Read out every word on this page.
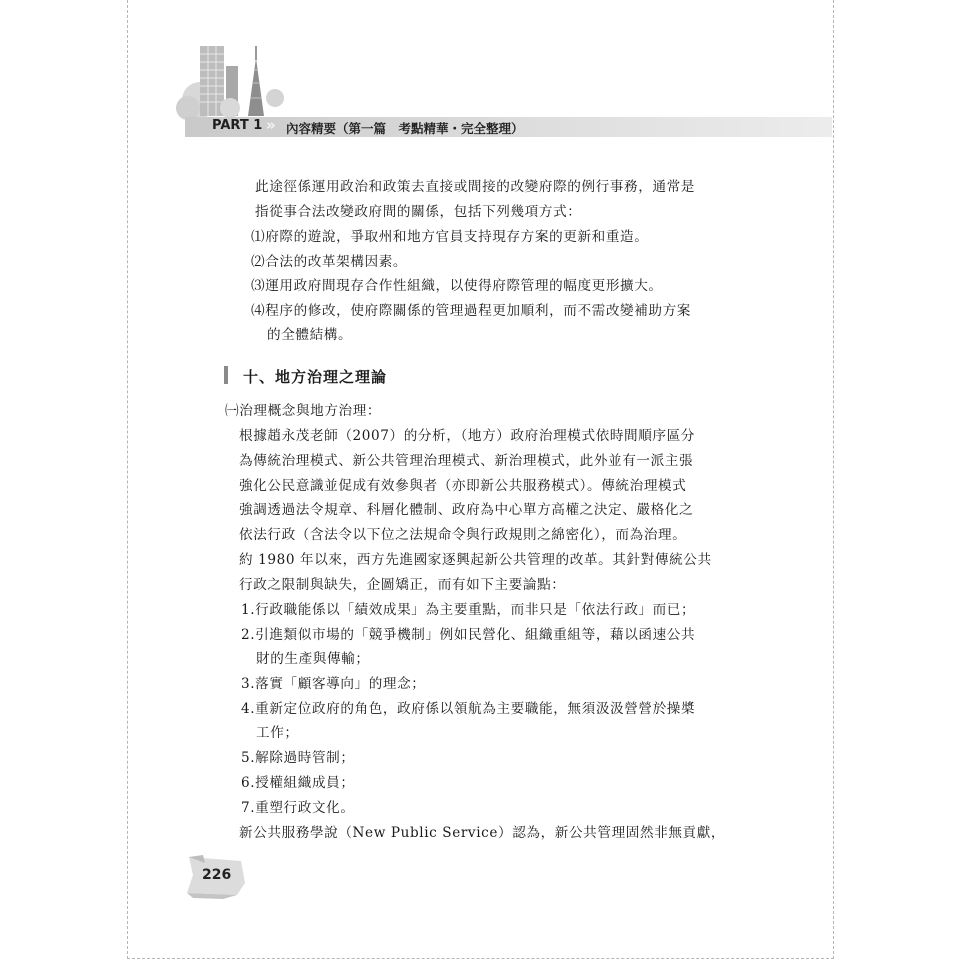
PART 1 » 內容精要（第一篇　考點精華・完全整理）
此途徑係運用政治和政策去直接或間接的改變府際的例行事務，通常是
指從事合法改變政府間的關係，包括下列幾項方式：
⑴府際的遊說，爭取州和地方官員支持現存方案的更新和重造。
⑵合法的改革架構因素。
⑶運用政府間現存合作性組織，以使得府際管理的幅度更形擴大。
⑷程序的修改，使府際關係的管理過程更加順利，而不需改變補助方案
的全體結構。
十、地方治理之理論
㈠治理概念與地方治理：
根據趙永茂老師（2007）的分析，（地方）政府治理模式依時間順序區分
為傳統治理模式、新公共管理治理模式、新治理模式，此外並有一派主張
強化公民意識並促成有效參與者（亦即新公共服務模式）。傳統治理模式
強調透過法令規章、科層化體制、政府為中心單方高權之決定、嚴格化之
依法行政（含法令以下位之法規命令與行政規則之綿密化），而為治理。
約 1980 年以來，西方先進國家逐興起新公共管理的改革。其針對傳統公共
行政之限制與缺失，企圖矯正，而有如下主要論點：
1.行政職能係以「績效成果」為主要重點，而非只是「依法行政」而已；
2.引進類似市場的「競爭機制」例如民營化、組織重組等，藉以函速公共
財的生產與傳輸；
3.落實「顧客導向」的理念；
4.重新定位政府的角色，政府係以領航為主要職能，無須汲汲營營於操槳
工作；
5.解除過時管制；
6.授權組織成員；
7.重塑行政文化。
新公共服務學說（New Public Service）認為，新公共管理固然非無貢獻，
226
